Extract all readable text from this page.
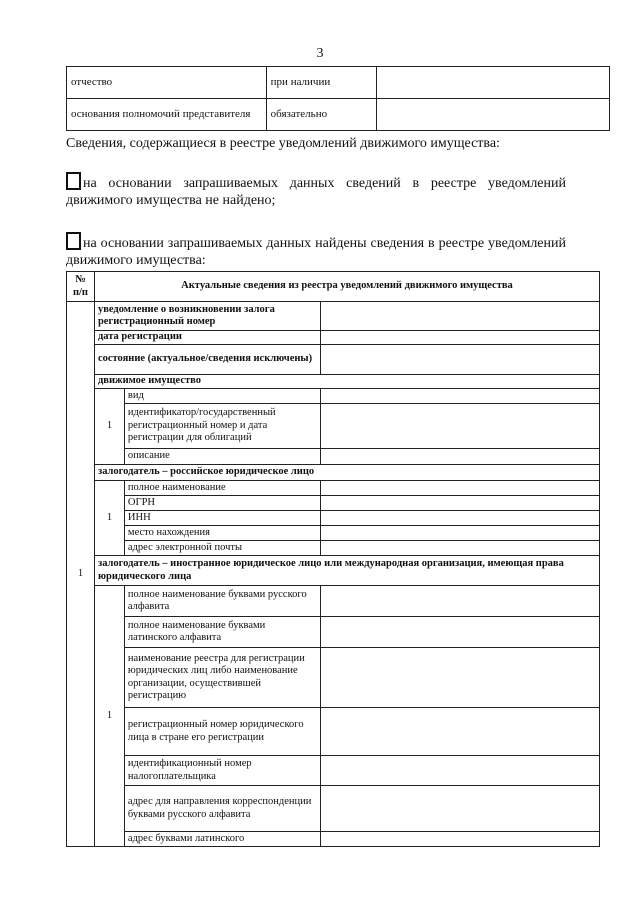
3
отчество	при наличии	
основания полномочий представителя	обязательно	
Сведения, содержащиеся в реестре уведомлений движимого имущества:
на основании запрашиваемых данных сведений в реестре уведомлений движимого имущества не найдено;
на основании запрашиваемых данных найдены сведения в реестре уведомлений движимого имущества:
№ п/п	Актуальные сведения из реестра уведомлений движимого имущества		
1	уведомление о возникновении залога регистрационный номер		
	дата регистрации		
	состояние (актуальное/сведения исключены)		
	движимое имущество		
	1	вид	
		идентификатор/государственный регистрационный номер и дата регистрации для облигаций	
		описание	
	залогодатель – российское юридическое лицо		
	1	полное наименование	
		ОГРН	
		ИНН	
		место нахождения	
		адрес электронной почты	
	залогодатель – иностранное юридическое лицо или международная организация, имеющая права юридического лица		
	1	полное наименование буквами русского алфавита	
		полное наименование буквами латинского алфавита	
		наименование реестра для регистрации юридических лиц либо наименование организации, осуществившей регистрацию	
		регистрационный номер юридического лица в стране его регистрации	
		идентификационный номер налогоплательщика	
		адрес для направления корреспонденции буквами русского алфавита	
		адрес буквами латинского	
